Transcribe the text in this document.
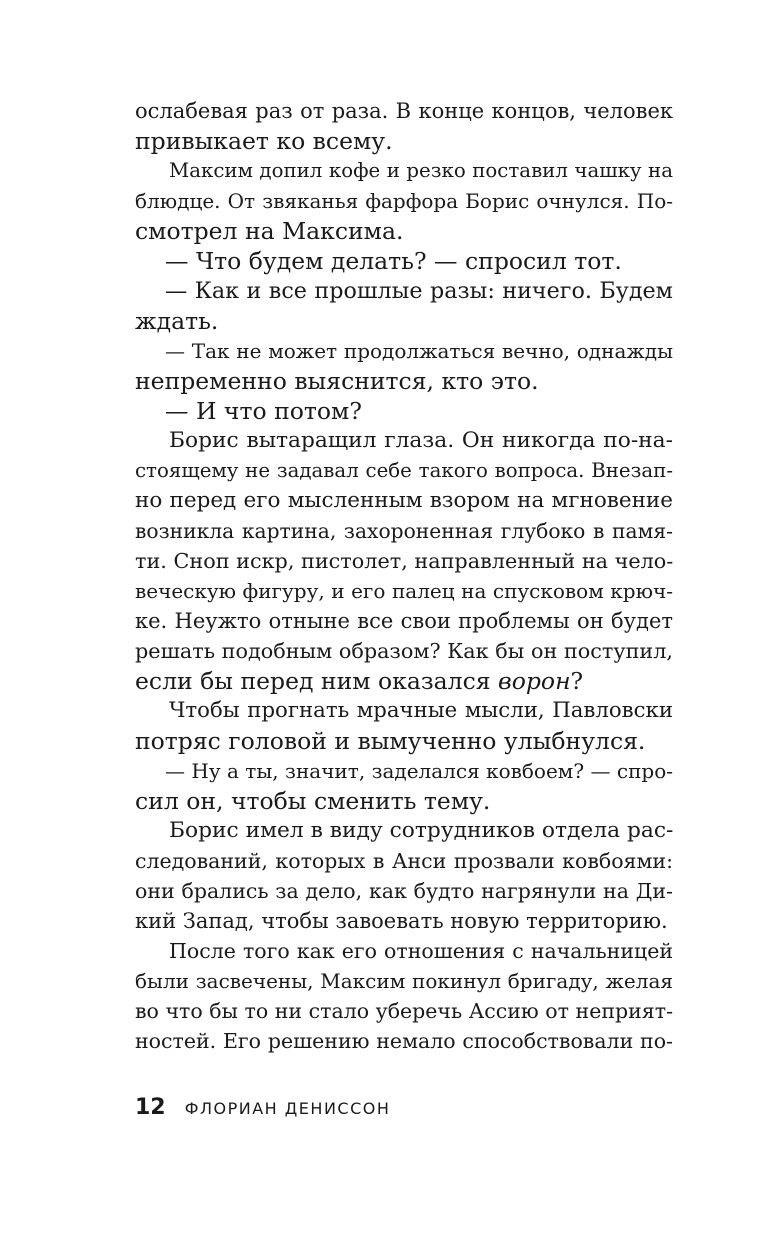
ослабевая раз от раза. В конце концов, человек
привыкает ко всему.
Максим допил кофе и резко поставил чашку на
блюдце. От звяканья фарфора Борис очнулся. По-
смотрел на Максима.
— Что будем делать? — спросил тот.
— Как и все прошлые разы: ничего. Будем
ждать.
— Так не может продолжаться вечно, однажды
непременно выяснится, кто это.
— И что потом?
Борис вытаращил глаза. Он никогда по-на-
стоящему не задавал себе такого вопроса. Внезап-
но перед его мысленным взором на мгновение
возникла картина, захороненная глубоко в памя-
ти. Сноп искр, пистолет, направленный на чело-
веческую фигуру, и его палец на спусковом крюч-
ке. Неужто отныне все свои проблемы он будет
решать подобным образом? Как бы он поступил,
если бы перед ним оказался ворон?
Чтобы прогнать мрачные мысли, Павловски
потряс головой и вымученно улыбнулся.
— Ну а ты, значит, заделался ковбоем? — спро-
сил он, чтобы сменить тему.
Борис имел в виду сотрудников отдела рас-
следований, которых в Анси прозвали ковбоями:
они брались за дело, как будто нагрянули на Ди-
кий Запад, чтобы завоевать новую территорию.
После того как его отношения с начальницей
были засвечены, Максим покинул бригаду, желая
во что бы то ни стало уберечь Ассию от неприят-
ностей. Его решению немало способствовали по-
12 ФЛОРИАН ДЕНИССОН
